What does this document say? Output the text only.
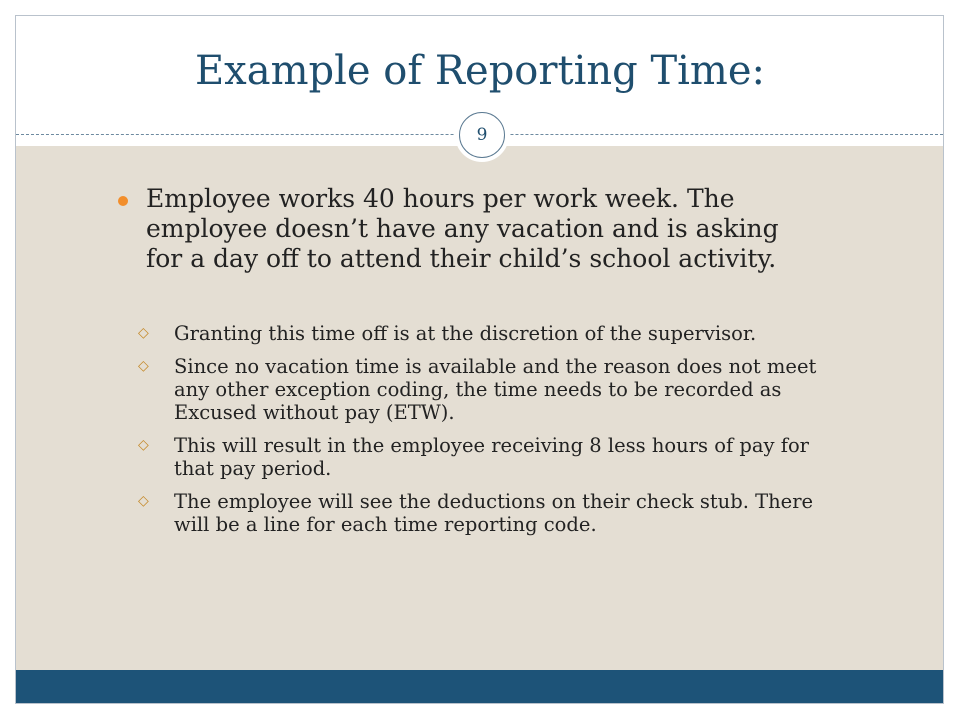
Example of Reporting Time:
9
Employee works 40 hours per work week. The employee doesn’t have any vacation and is asking for a day off to attend their child’s school activity.
◇ Granting this time off is at the discretion of the supervisor.
◇ Since no vacation time is available and the reason does not meet any other exception coding, the time needs to be recorded as Excused without pay (ETW).
◇ This will result in the employee receiving 8 less hours of pay for that pay period.
◇ The employee will see the deductions on their check stub. There will be a line for each time reporting code.
